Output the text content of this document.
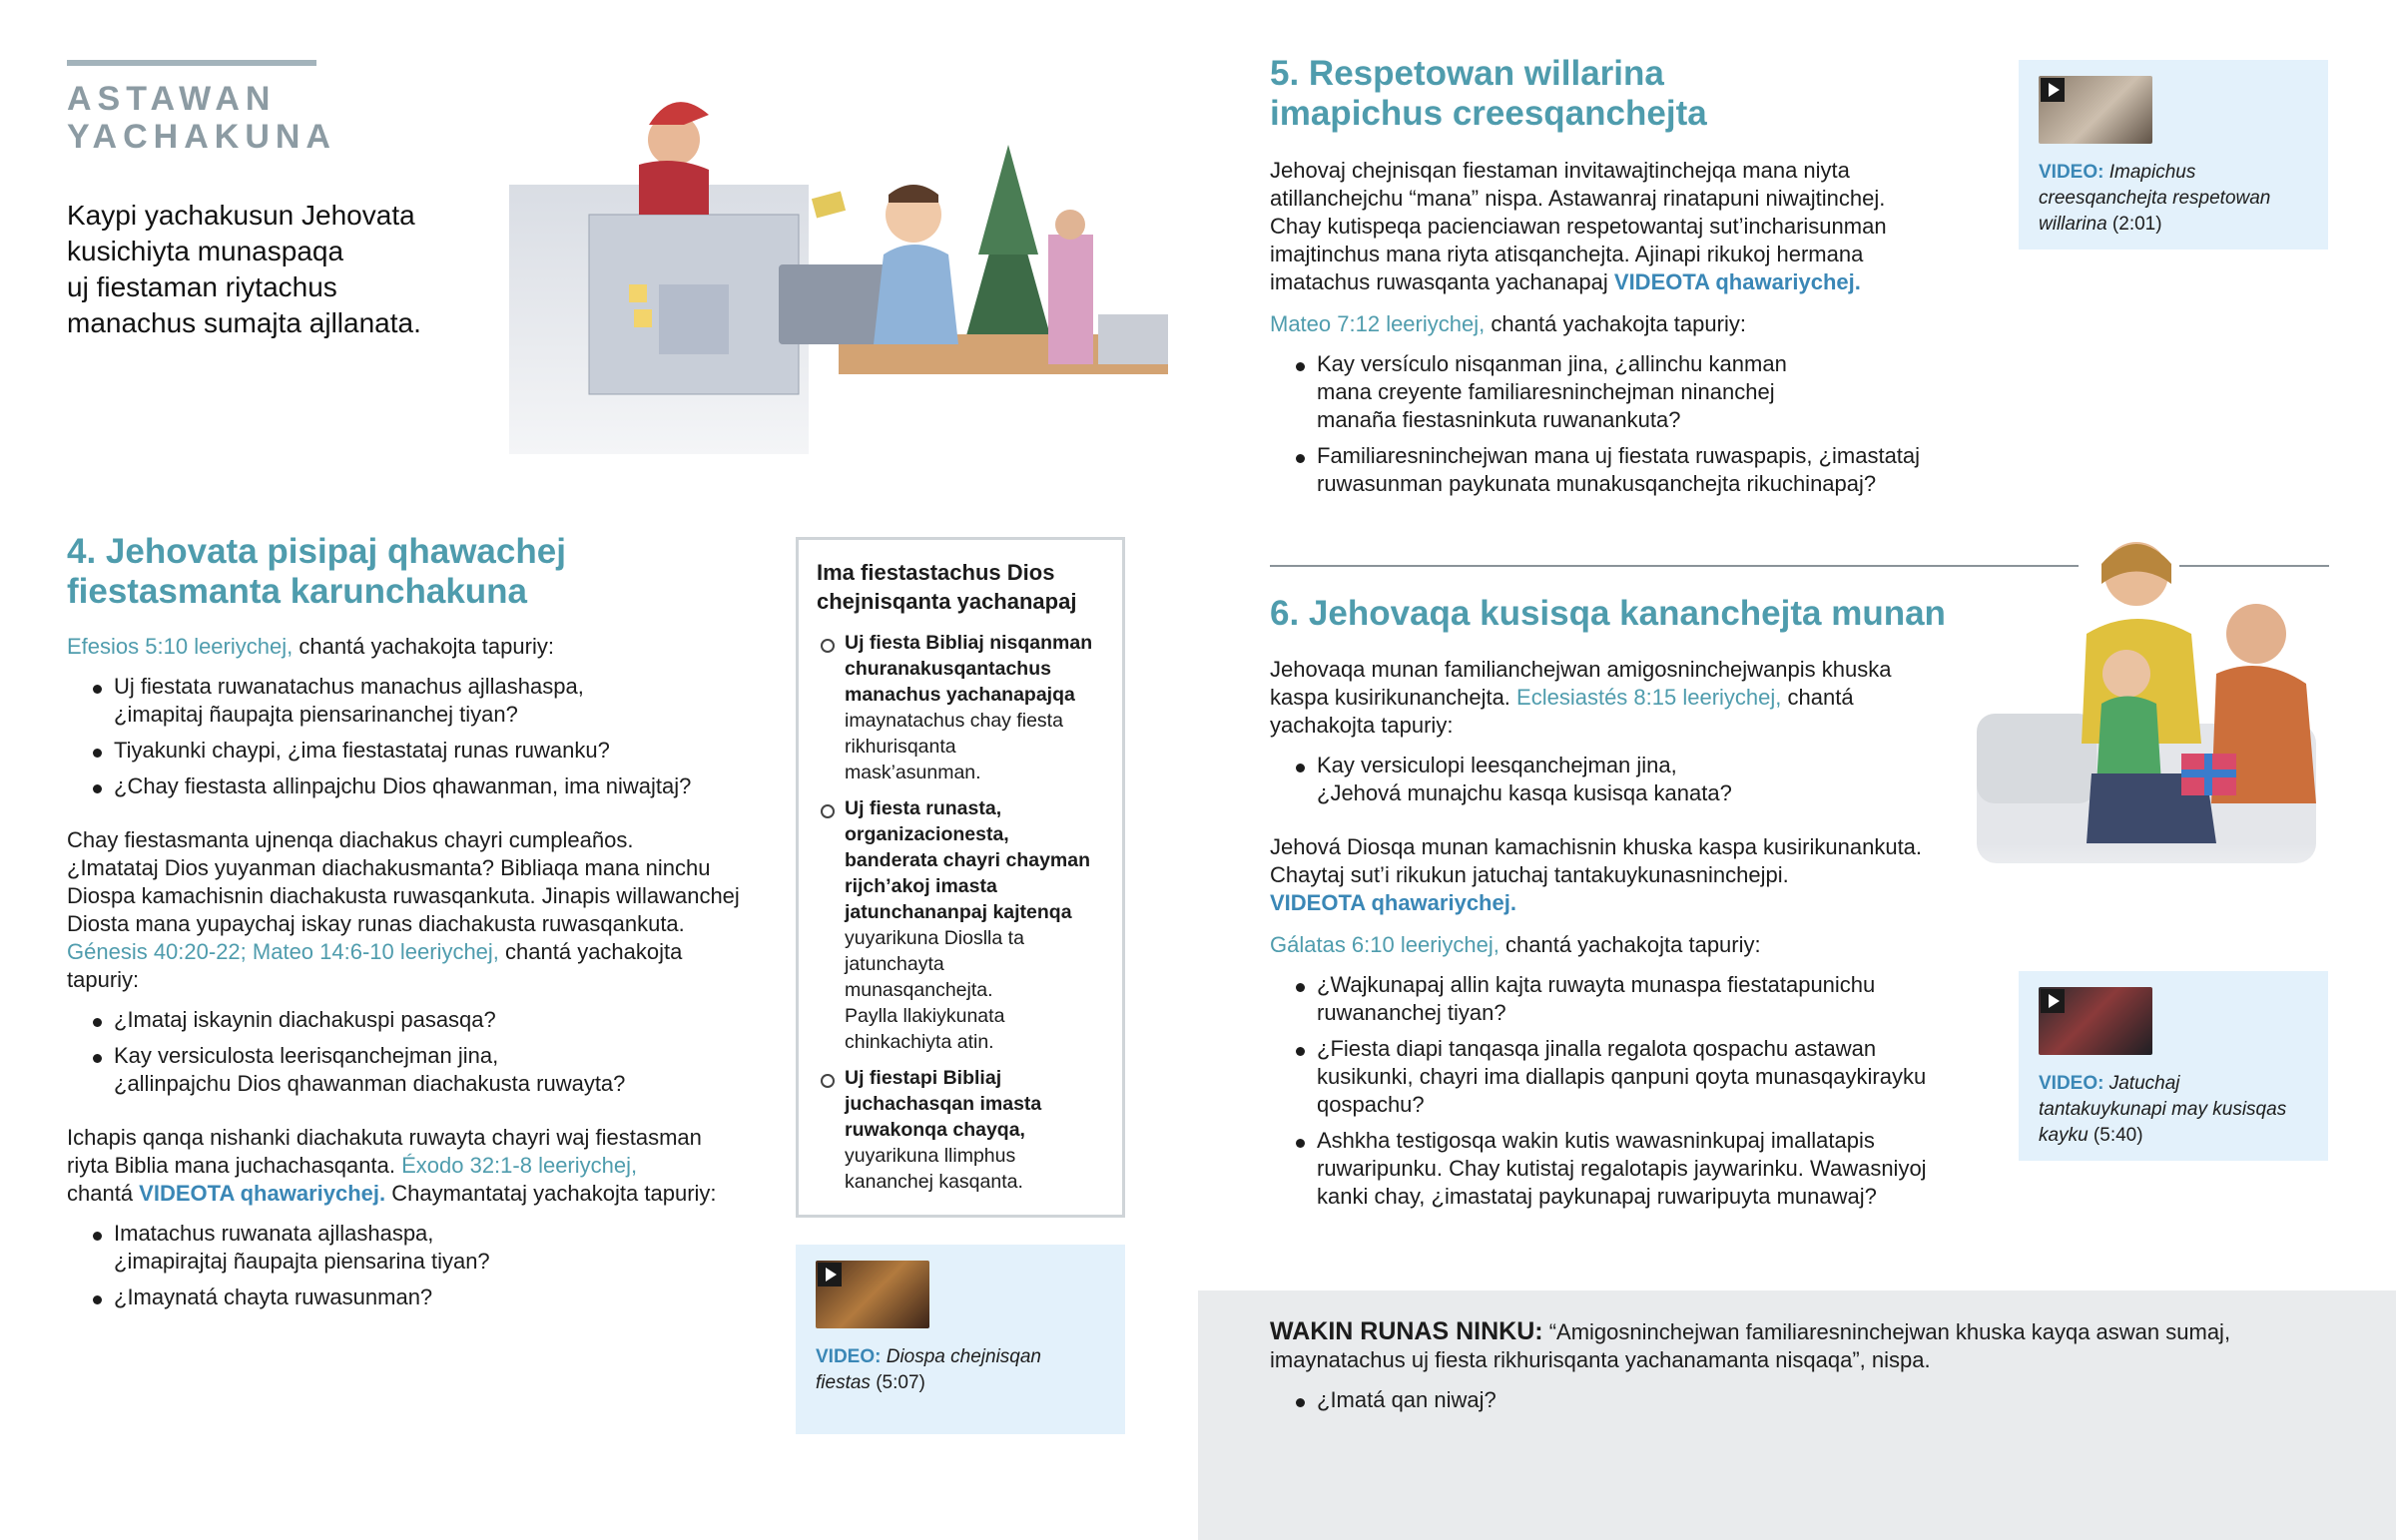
ASTAWAN
YACHAKUNA
Kaypi yachakusun Jehovata
kusichiyta munaspaqa
uj fiestaman riytachus
manachus sumajta ajllanata.
4. Jehovata pisipaj qhawachej
fiestasmanta karunchakuna

Efesios 5:10 leeriychej, chantá yachakojta tapuriy:

Uj fiestata ruwanatachus manachus ajllashaspa,
¿imapitaj ñaupajta piensarinanchej tiyan?
Tiyakunki chaypi, ¿ima fiestastataj runas ruwanku?
¿Chay fiestasta allinpajchu Dios qhawanman, ima niwajtaj?
Chay fiestasmanta ujnenqa diachakus chayri cumpleaños.
¿Imatataj Dios yuyanman diachakusmanta? Bibliaqa mana ninchu
Diospa kamachisnin diachakusta ruwasqankuta. Jinapis willawanchej
Diosta mana yupaychaj iskay runas diachakusta ruwasqankuta.
Génesis 40:20-22; Mateo 14:6-10 leeriychej, chantá yachakojta
tapuriy:
¿Imataj iskaynin diachakuspi pasasqa?
Kay versiculosta leerisqanchejman jina,
¿allinpajchu Dios qhawanman diachakusta ruwayta?
Ichapis qanqa nishanki diachakuta ruwayta chayri waj fiestasman
riyta Biblia mana juchachasqanta. Éxodo 32:1-8 leeriychej,
chantá VIDEOTA qhawariychej. Chaymantataj yachakojta tapuriy:
Imatachus ruwanata ajllashaspa,
¿imapirajtaj ñaupajta piensarina tiyan?
¿Imaynatá chayta ruwasunman?
Ima fiestastachus Dios
chejnisqanta yachanapaj
Uj fiesta Bibliaj nisqanman
churanakusqantachus
manachus yachanapajqa
imaynatachus chay fiesta
rikhurisqanta
mask’asunman.
Uj fiesta runasta,
organizacionesta,
banderata chayri chayman
rijch’akoj imasta
jatunchananpaj kajtenqa
yuyarikuna Dioslla ta
jatunchayta
munasqanchejta.
Paylla llakiykunata
chinkachiyta atin.
Uj fiestapi Bibliaj
juchachasqan imasta
ruwakonqa chayqa,
yuyarikuna llimphus
kananchej kasqanta.
VIDEO: Diospa chejnisqan
fiestas (5:07)
5. Respetowan willarina
imapichus creesqanchejta
Jehovaj chejnisqan fiestaman invitawajtinchejqa mana niyta
atillanchejchu “mana” nispa. Astawanraj rinatapuni niwajtinchej.
Chay kutispeqa pacienciawan respetowantaj sut’incharisunman
imajtinchus mana riyta atisqanchejta. Ajinapi rikukoj hermana
imatachus ruwasqanta yachanapaj VIDEOTA qhawariychej.

Mateo 7:12 leeriychej, chantá yachakojta tapuriy:

Kay versículo nisqanman jina, ¿allinchu kanman
mana creyente familiaresninchejman ninanchej
manaña fiestasninkuta ruwanankuta?
Familiaresninchejwan mana uj fiestata ruwaspapis, ¿imastataj
ruwasunman paykunata munakusqanchejta rikuchinapaj?
VIDEO: Imapichus
creesqanchejta respetowan
willarina (2:01)
6. Jehovaqa kusisqa kananchejta munan
Jehovaqa munan familianchejwan amigosninchejwanpis khuska
kaspa kusirikunanchejta. Eclesiastés 8:15 leeriychej, chantá
yachakojta tapuriy:
Kay versiculopi leesqanchejman jina,
¿Jehová munajchu kasqa kusisqa kanata?
Jehová Diosqa munan kamachisnin khuska kaspa kusirikunankuta.
Chaytaj sut’i rikukun jatuchaj tantakuykunasninchejpi.
VIDEOTA qhawariychej.

Gálatas 6:10 leeriychej, chantá yachakojta tapuriy:

¿Wajkunapaj allin kajta ruwayta munaspa fiestatapunichu
ruwananchej tiyan?
¿Fiesta diapi tanqasqa jinalla regalota qospachu astawan
kusikunki, chayri ima diallapis qanpuni qoyta munasqaykirayku
qospachu?
Ashkha testigosqa wakin kutis wawasninkupaj imallatapis
ruwaripunku. Chay kutistaj regalotapis jaywarinku. Wawasniyoj
kanki chay, ¿imastataj paykunapaj ruwaripuyta munawaj?
VIDEO: Jatuchaj
tantakuykunapi may kusisqas
kayku (5:40)
WAKIN RUNAS NINKU: “Amigosninchejwan familiaresninchejwan khuska kayqa aswan sumaj,
imaynatachus uj fiesta rikhurisqanta yachanamanta nisqaqa”, nispa.
¿Imatá qan niwaj?
